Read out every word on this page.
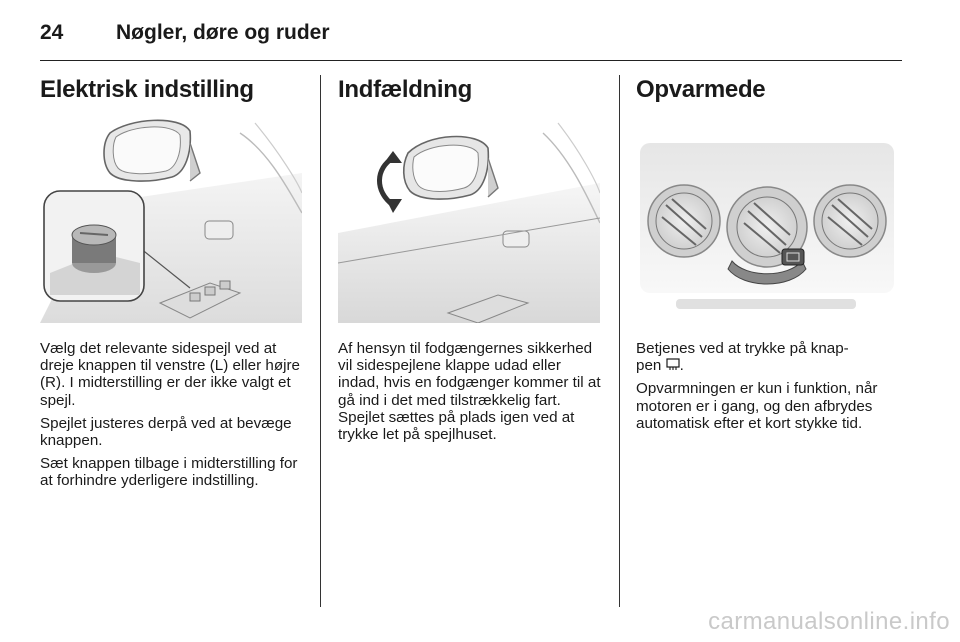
24	Nøgler, døre og ruder
Elektrisk indstilling

Vælg det relevante sidespejl ved at dreje knappen til venstre (L) eller højre (R). I midterstilling er der ikke valgt et spejl.

Spejlet justeres derpå ved at bevæge knappen.

Sæt knappen tilbage i midterstilling for at forhindre yderligere indstilling.

Indfældning

Af hensyn til fodgængernes sikkerhed vil sidespejlene klappe udad eller indad, hvis en fodgænger kommer til at gå ind i det med tilstrækkelig fart. Spejlet sættes på plads igen ved at trykke let på spejlhuset.

Opvarmede

Betjenes ved at trykke på knap-
pen .

Opvarmningen er kun i funktion, når motoren er i gang, og den afbrydes automatisk efter et kort stykke tid.

carmanualsonline.info
